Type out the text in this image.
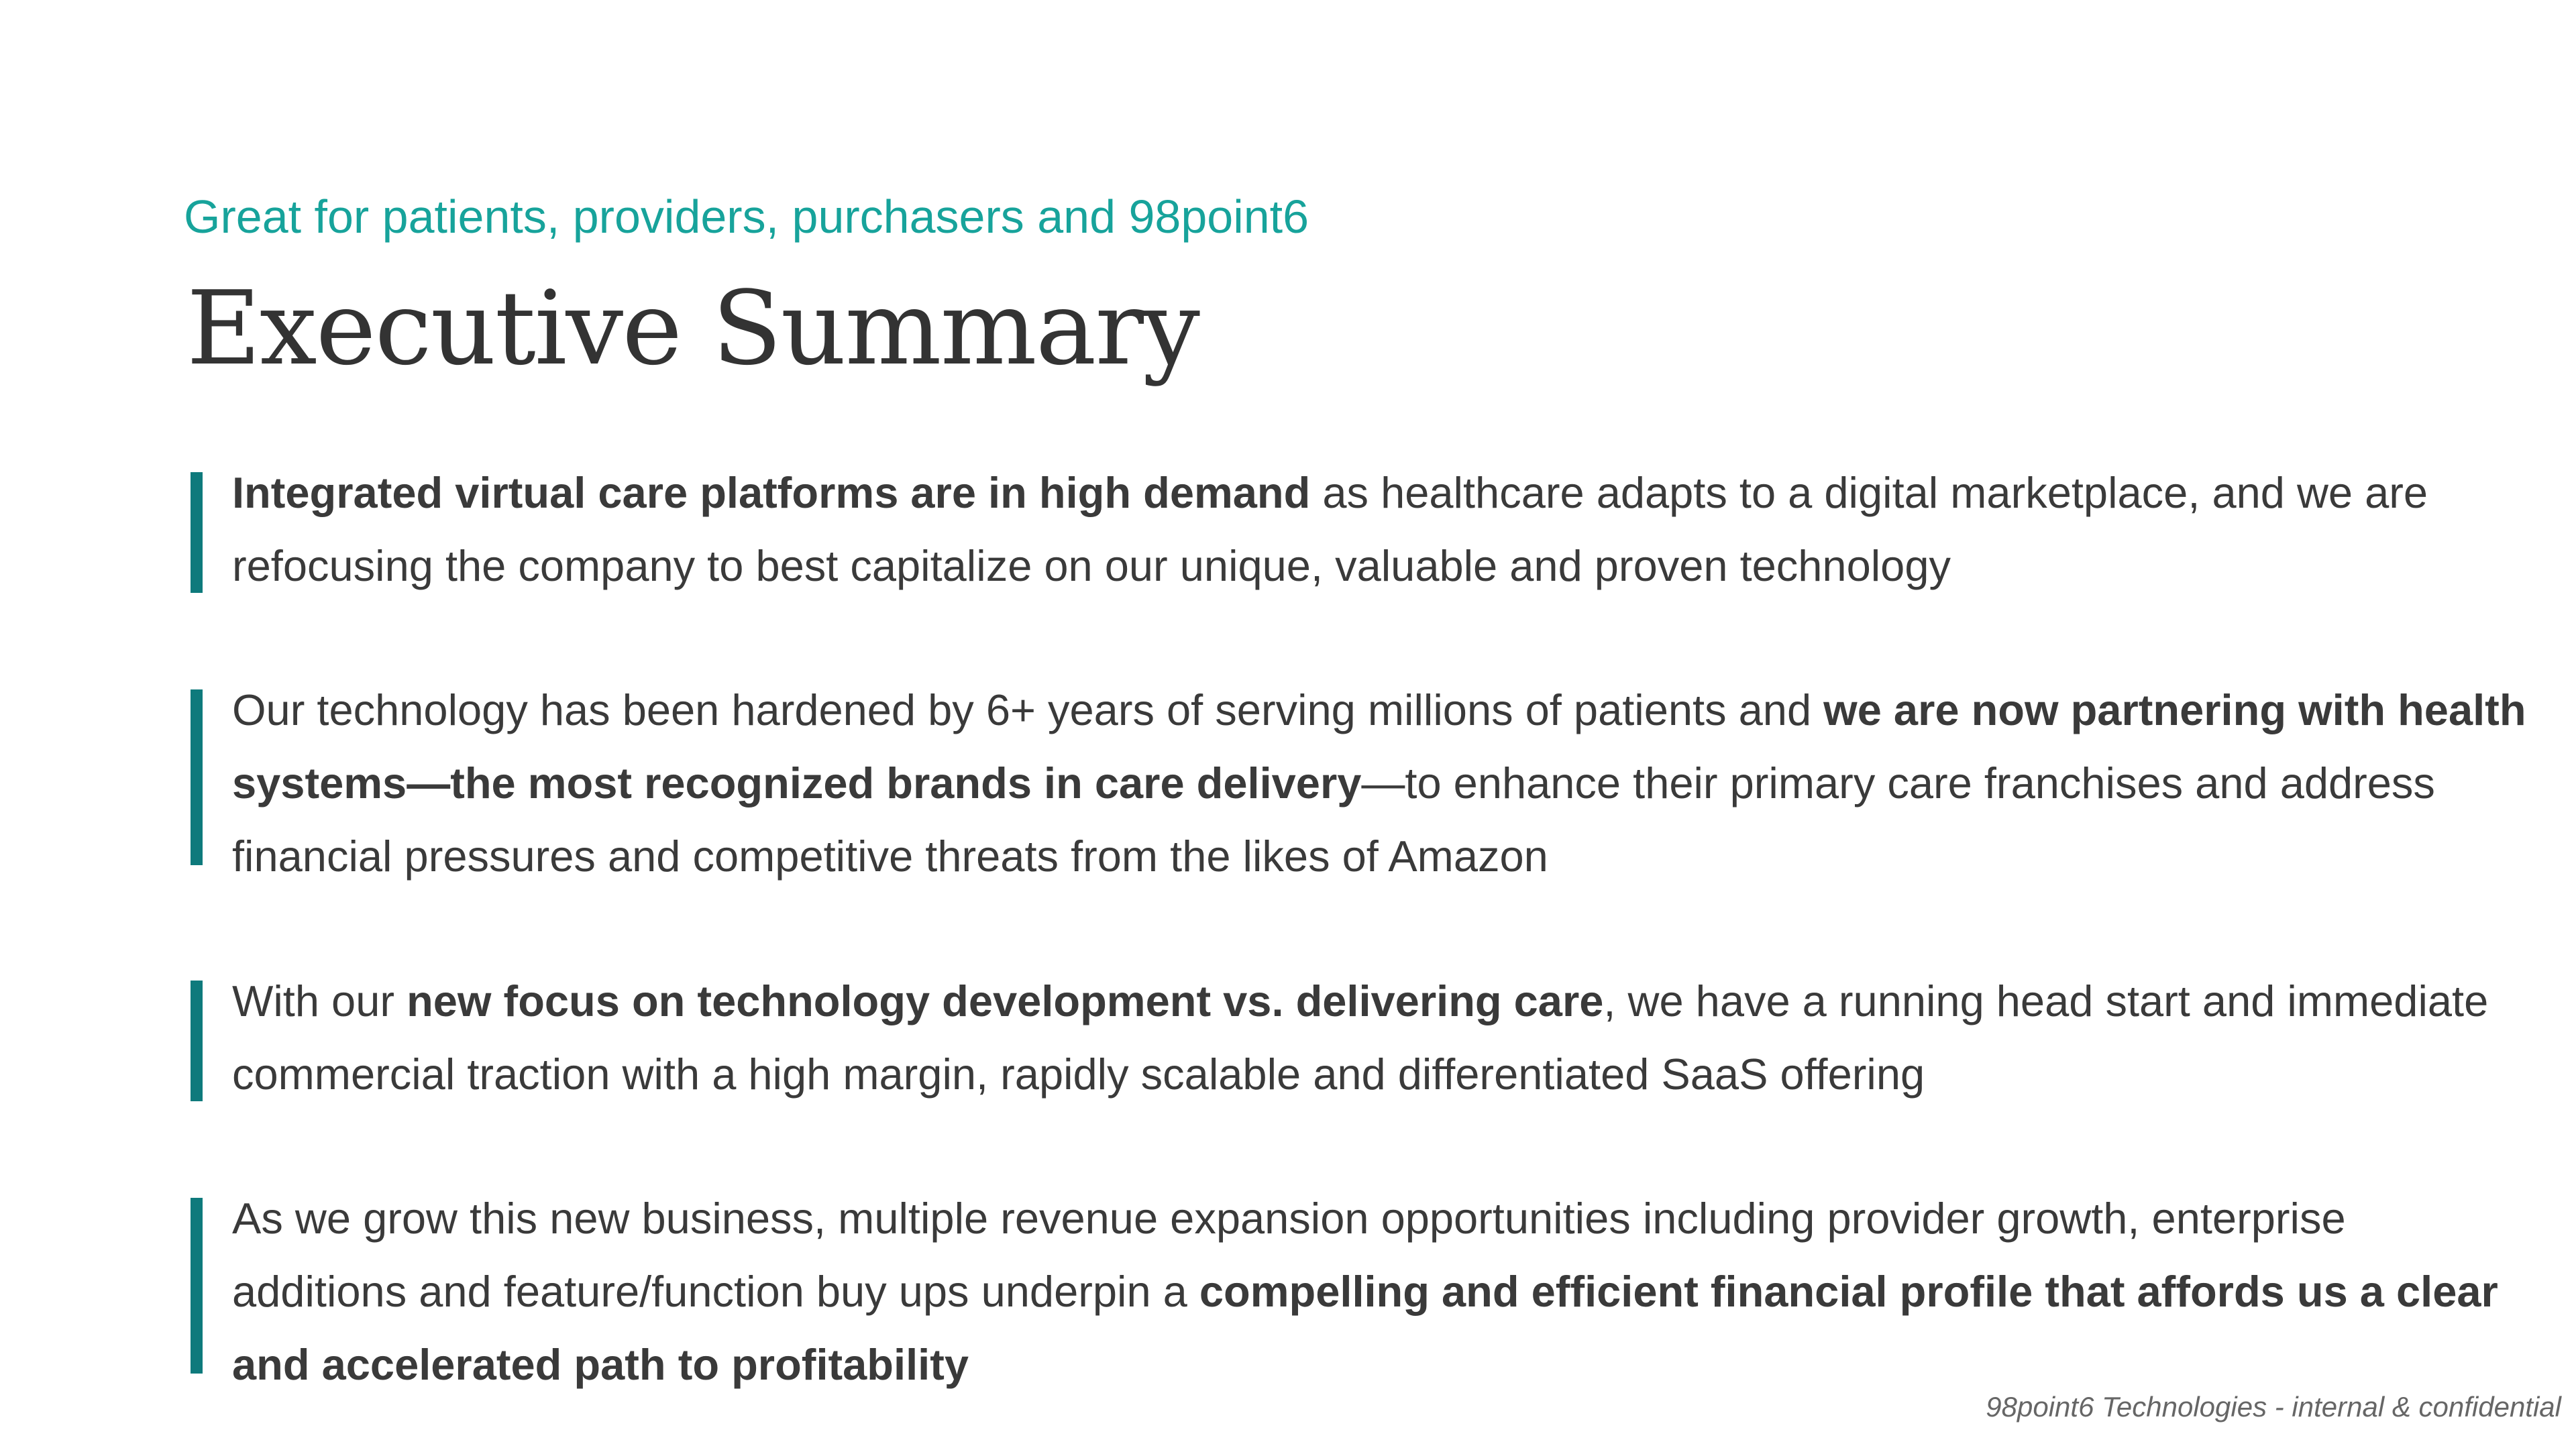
Great for patients, providers, purchasers and 98point6
Executive Summary
Integrated virtual care platforms are in high demand as healthcare adapts to a digital marketplace, and we are refocusing the company to best capitalize on our unique, valuable and proven technology
Our technology has been hardened by 6+ years of serving millions of patients and we are now partnering with health systems—the most recognized brands in care delivery—to enhance their primary care franchises and address financial pressures and competitive threats from the likes of Amazon
With our new focus on technology development vs. delivering care, we have a running head start and immediate commercial traction with a high margin, rapidly scalable and differentiated SaaS offering
As we grow this new business, multiple revenue expansion opportunities including provider growth, enterprise additions and feature/function buy ups underpin a compelling and efficient financial profile that affords us a clear and accelerated path to profitability
98point6 Technologies - internal & confidential
